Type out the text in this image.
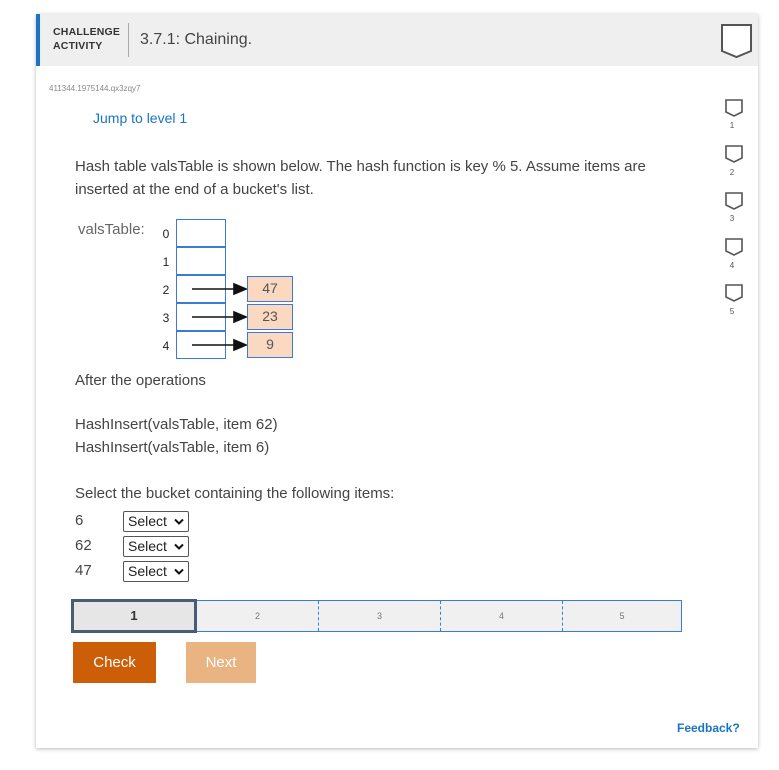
CHALLENGE
ACTIVITY	3.7.1: Chaining.
411344.1975144.qx3zqy7
Jump to level 1
Hash table valsTable is shown below. The hash function is key % 5. Assume items are
inserted at the end of a bucket's list.
valsTable: 0
1
2
3
4
47
23
9
After the operations
HashInsert(valsTable, item 62)
HashInsert(valsTable, item 6)
Select the bucket containing the following items:
6	Select
62	Select
47	Select
1	2	3	4	5
Check	Next
1
2
3
4
5
Feedback?
